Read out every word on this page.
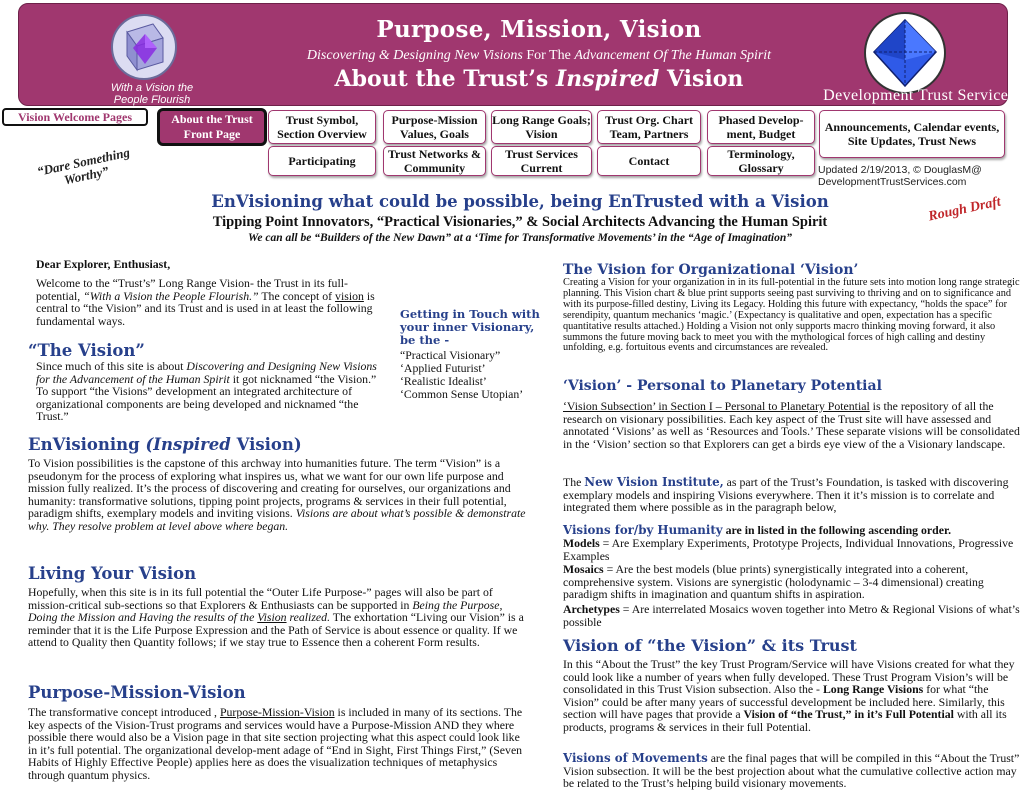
With a Vision the People Flourish
Purpose, Mission, Vision
Discovering & Designing New Visions For The Advancement Of The Human Spirit
About the Trust’s Inspired Vision
Development Trust Services
Vision Welcome Pages	About the Trust Front Page
Trust Symbol, Section Overview
Purpose-Mission Values, Goals
Long Range Goals; Vision
Trust Org. Chart Team, Partners
Phased Develop-ment, Budget	Announcements, Calendar events, Site Updates, Trust News
Participating	Trust Networks & Community
Trust Services Current	Contact	Terminology, Glossary
“Dare Something Worthy”	Updated 2/19/2013, © DouglasM@ DevelopmentTrustServices.com
EnVisioning what could be possible, being EnTrusted with a Vision
Tipping Point Innovators, “Practical Visionaries,” & Social Architects Advancing the Human Spirit
We can all be “Builders of the New Dawn” at a ‘Time for Transformative Movements’ in the “Age of Imagination”
Rough Draft
Dear Explorer, Enthusiast,
Welcome to the “Trust’s” Long Range Vision- the Trust in its full-potential, “With a Vision the People Flourish.” The concept of vision is central to “the Vision” and its Trust and is used in at least the following fundamental ways.
“The Vision”
Since much of this site is about Discovering and Designing New Visions for the Advancement of the Human Spirit it got nicknamed “the Vision.” To support “the Visions” development an integrated architecture of organizational components are being developed and nicknamed “the Trust.”
EnVisioning (Inspired Vision)
To Vision possibilities is the capstone of this archway into humanities future. The term “Vision” is a pseudonym for the process of exploring what inspires us, what we want for our own life purpose and mission fully realized. It’s the process of discovering and creating for ourselves, our organizations and humanity: transformative solutions, tipping point projects, programs & services in their full potential, paradigm shifts, exemplary models and inviting visions. Visions are about what’s possible & demonstrate why. They resolve problem at level above where began.
Living Your Vision
Hopefully, when this site is in its full potential the “Outer Life Purpose-” pages will also be part of mission-critical sub-sections so that Explorers & Enthusiasts can be supported in Being the Purpose, Doing the Mission and Having the results of the Vision realized. The exhortation “Living our Vision” is a reminder that it is the Life Purpose Expression and the Path of Service is about essence or quality. If we attend to Quality then Quantity follows; if we stay true to Essence then a coherent Form results.
Purpose-Mission-Vision
The transformative concept introduced , Purpose-Mission-Vision is included in many of its sections. The key aspects of the Vision-Trust programs and services would have a Purpose-Mission AND they where possible there would also be a Vision page in that site section projecting what this aspect could look like in it’s full potential. The organizational develop-ment adage of “End in Sight, First Things First,” (Seven Habits of Highly Effective People) applies here as does the visualization techniques of metaphysics through quantum physics.
Getting in Touch with your inner Visionary, be the -
“Practical Visionary”
‘Applied Futurist’
‘Realistic Idealist’
‘Common Sense Utopian’
The Vision for Organizational ‘Vision’
Creating a Vision for your organization in in its full-potential in the future sets into motion long range strategic planning. This Vision chart & blue print supports seeing past surviving to thriving and on to significance and with its purpose-filled destiny, Living its Legacy. Holding this future with expectancy, “holds the space” for serendipity, quantum mechanics ‘magic.’ (Expectancy is qualitative and open, expectation has a specific quantitative results attached.) Holding a Vision not only supports macro thinking moving forward, it also summons the future moving back to meet you with the mythological forces of high calling and destiny unfolding, e.g. fortuitous events and circumstances are revealed.
‘Vision’ - Personal to Planetary Potential
‘Vision Subsection’ in Section I – Personal to Planetary Potential is the repository of all the research on visionary possibilities. Each key aspect of the Trust site will have assessed and annotated ‘Visions’ as well as ‘Resources and Tools.’ These separate visions will be consolidated in the ‘Vision’ section so that Explorers can get a birds eye view of the a Visionary landscape.
The New Vision Institute, as part of the Trust’s Foundation, is tasked with discovering exemplary models and inspiring Visions everywhere. Then it it’s mission is to correlate and integrated them where possible as in the paragraph below,
Visions for/by Humanity are in listed in the following ascending order.
Models = Are Exemplary Experiments, Prototype Projects, Individual Innovations, Progressive Examples
Mosaics = Are the best models (blue prints) synergistically integrated into a coherent, comprehensive system. Visions are synergistic (holodynamic – 3-4 dimensional) creating paradigm shifts in imagination and quantum shifts in aspiration.
Archetypes = Are interrelated Mosaics woven together into Metro & Regional Visions of what’s possible
Vision of “the Vision” & its Trust
In this “About the Trust” the key Trust Program/Service will have Visions created for what they could look like a number of years when fully developed. These Trust Program Vision’s will be consolidated in this Trust Vision subsection. Also the - Long Range Visions for what “the Vision” could be after many years of successful development be included here. Similarly, this section will have pages that provide a Vision of “the Trust,” in it’s Full Potential with all its products, programs & services in their full Potential.
Visions of Movements are the final pages that will be compiled in this “About the Trust” Vision subsection. It will be the best projection about what the cumulative collective action may be related to the Trust’s helping build visionary movements.
